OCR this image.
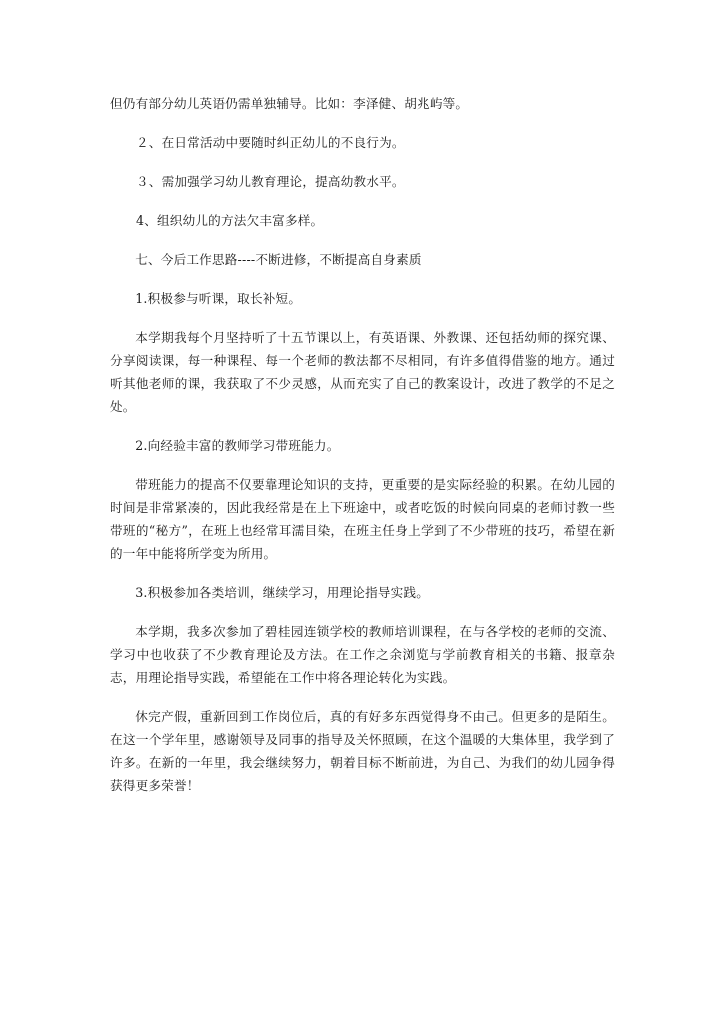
但仍有部分幼儿英语仍需单独辅导。比如：李泽健、胡兆屿等。

２、在日常活动中要随时纠正幼儿的不良行为。

３、需加强学习幼儿教育理论，提高幼教水平。

4、组织幼儿的方法欠丰富多样。

七、今后工作思路----不断进修，不断提高自身素质

1.积极参与听课，取长补短。

本学期我每个月坚持听了十五节课以上，有英语课、外教课、还包括幼师的探究课、分享阅读课，每一种课程、每一个老师的教法都不尽相同，有许多值得借鉴的地方。通过听其他老师的课，我获取了不少灵感，从而充实了自己的教案设计，改进了教学的不足之处。

2.向经验丰富的教师学习带班能力。

带班能力的提高不仅要靠理论知识的支持，更重要的是实际经验的积累。在幼儿园的时间是非常紧凑的，因此我经常是在上下班途中，或者吃饭的时候向同桌的老师讨教一些带班的“秘方”，在班上也经常耳濡目染，在班主任身上学到了不少带班的技巧，希望在新的一年中能将所学变为所用。

3.积极参加各类培训，继续学习，用理论指导实践。

本学期，我多次参加了碧桂园连锁学校的教师培训课程，在与各学校的老师的交流、学习中也收获了不少教育理论及方法。在工作之余浏览与学前教育相关的书籍、报章杂志，用理论指导实践，希望能在工作中将各理论转化为实践。

休完产假，重新回到工作岗位后，真的有好多东西觉得身不由己。但更多的是陌生。在这一个学年里，感谢领导及同事的指导及关怀照顾，在这个温暖的大集体里，我学到了许多。在新的一年里，我会继续努力，朝着目标不断前进，为自己、为我们的幼儿园争得获得更多荣誉！
